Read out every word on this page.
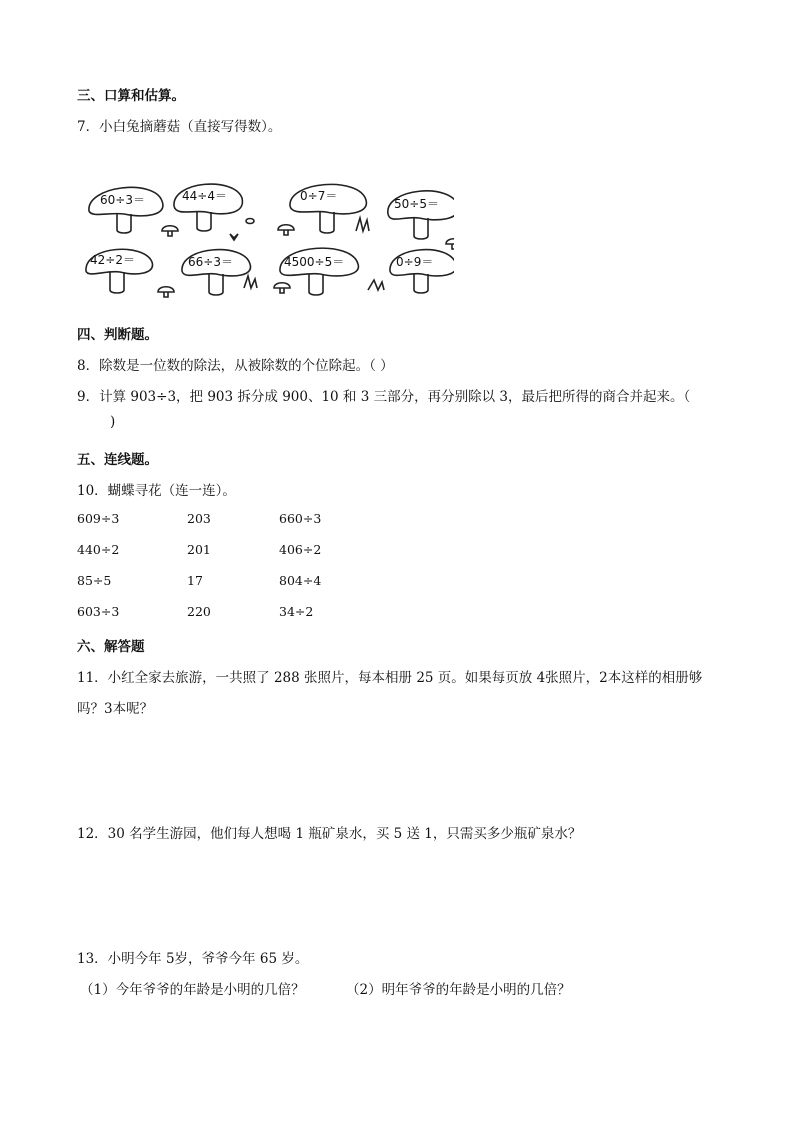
三、口算和估算。
7．小白兔摘蘑菇（直接写得数）。
60÷3＝	44÷4＝	0÷7＝
50÷5＝
42÷2＝	66÷3＝	4500÷5＝	0÷9＝
四、判断题。
8．除数是一位数的除法，从被除数的个位除起。（ ）
9．计算 903÷3，把 903 拆分成 900、10 和 3 三部分，再分别除以 3，最后把所得的商合并起来。（
)
五、连线题。
10．蝴蝶寻花（连一连）。
609÷3	203	660÷3
440÷2	201	406÷2
85÷5	17	804÷4
603÷3	220	34÷2
六、解答题
11．小红全家去旅游，一共照了 288 张照片，每本相册 25 页。如果每页放 4张照片，2本这样的相册够
吗？3本呢？
12．30 名学生游园，他们每人想喝 1 瓶矿泉水，买 5 送 1，只需买多少瓶矿泉水？
13．小明今年 5岁，爷爷今年 65 岁。
（1）今年爷爷的年龄是小明的几倍？	（2）明年爷爷的年龄是小明的几倍？
